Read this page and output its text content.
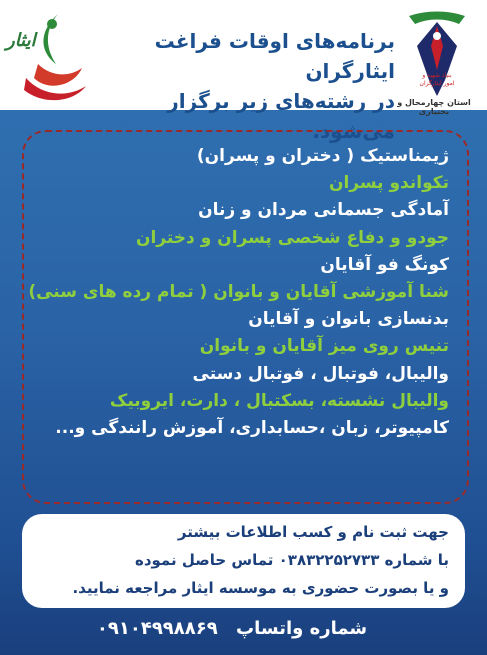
ایثار
بنیاد شهید و امور ایثارگران
استان چهارمحال و بختیاری
برنامه‌های اوقات فراغت ایثارگران
در رشته‌های زیر برگزار می‌شود.
ژیمناستیک ( دختران و پسران)
تکواندو پسران
آمادگی جسمانی مردان و زنان
جودو و دفاع شخصی پسران و دختران
کونگ فو آقایان
شنا آموزشی آقایان و بانوان ( تمام رده های سنی)
بدنسازی بانوان و آقایان
تنیس روی میز آقایان و بانوان
والیبال، فوتبال ، فوتبال دستی
والیبال نشسته، بسکتبال ، دارت، ایروبیک
کامپیوتر، زبان ،حسابداری، آموزش رانندگی و...
جهت ثبت نام و کسب اطلاعات بیشتر
با شماره ۰۳۸۳۲۲۵۲۷۳۳ تماس حاصل نموده
و یا بصورت حضوری به موسسه ایثار مراجعه نمایید.
شماره واتساپ ۰۹۱۰۴۹۹۸۸۶۹
